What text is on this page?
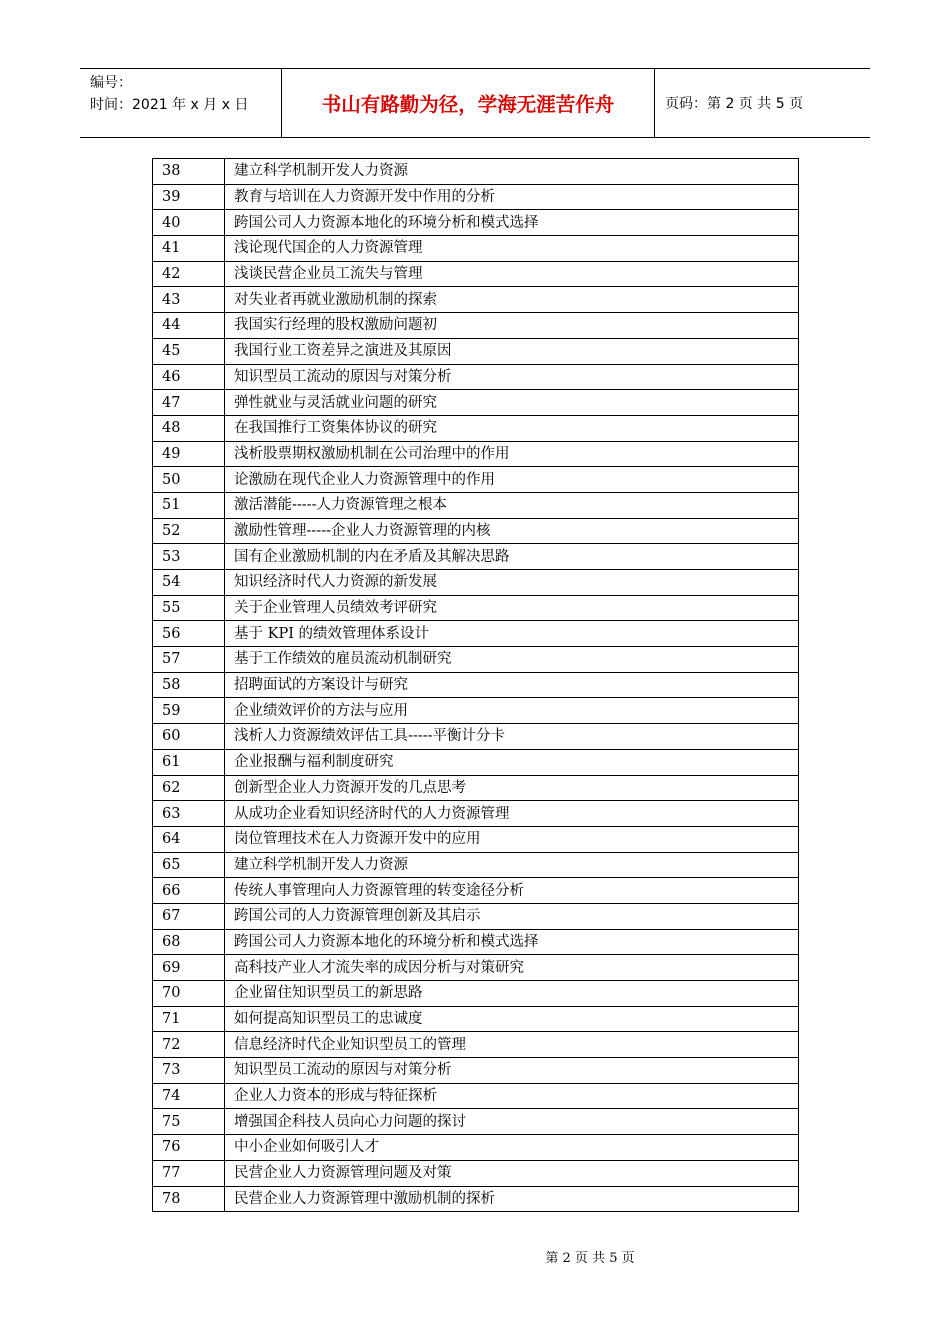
编号：
时间：2021 年 x 月 x 日	书山有路勤为径，学海无涯苦作舟	页码：第 2 页 共 5 页
38	建立科学机制开发人力资源
39	教育与培训在人力资源开发中作用的分析
40	跨国公司人力资源本地化的环境分析和模式选择
41	浅论现代国企的人力资源管理
42	浅谈民营企业员工流失与管理
43	对失业者再就业激励机制的探索
44	我国实行经理的股权激励问题初
45	我国行业工资差异之演进及其原因
46	知识型员工流动的原因与对策分析
47	弹性就业与灵活就业问题的研究
48	在我国推行工资集体协议的研究
49	浅析股票期权激励机制在公司治理中的作用
50	论激励在现代企业人力资源管理中的作用
51	激活潜能-----人力资源管理之根本
52	激励性管理-----企业人力资源管理的内核
53	国有企业激励机制的内在矛盾及其解决思路
54	知识经济时代人力资源的新发展
55	关于企业管理人员绩效考评研究
56	基于 KPI 的绩效管理体系设计
57	基于工作绩效的雇员流动机制研究
58	招聘面试的方案设计与研究
59	企业绩效评价的方法与应用
60	浅析人力资源绩效评估工具-----平衡计分卡
61	企业报酬与福利制度研究
62	创新型企业人力资源开发的几点思考
63	从成功企业看知识经济时代的人力资源管理
64	岗位管理技术在人力资源开发中的应用
65	建立科学机制开发人力资源
66	传统人事管理向人力资源管理的转变途径分析
67	跨国公司的人力资源管理创新及其启示
68	跨国公司人力资源本地化的环境分析和模式选择
69	高科技产业人才流失率的成因分析与对策研究
70	企业留住知识型员工的新思路
71	如何提高知识型员工的忠诚度
72	信息经济时代企业知识型员工的管理
73	知识型员工流动的原因与对策分析
74	企业人力资本的形成与特征探析
75	增强国企科技人员向心力问题的探讨
76	中小企业如何吸引人才
77	民营企业人力资源管理问题及对策
78	民营企业人力资源管理中激励机制的探析
第 2 页 共 5 页
